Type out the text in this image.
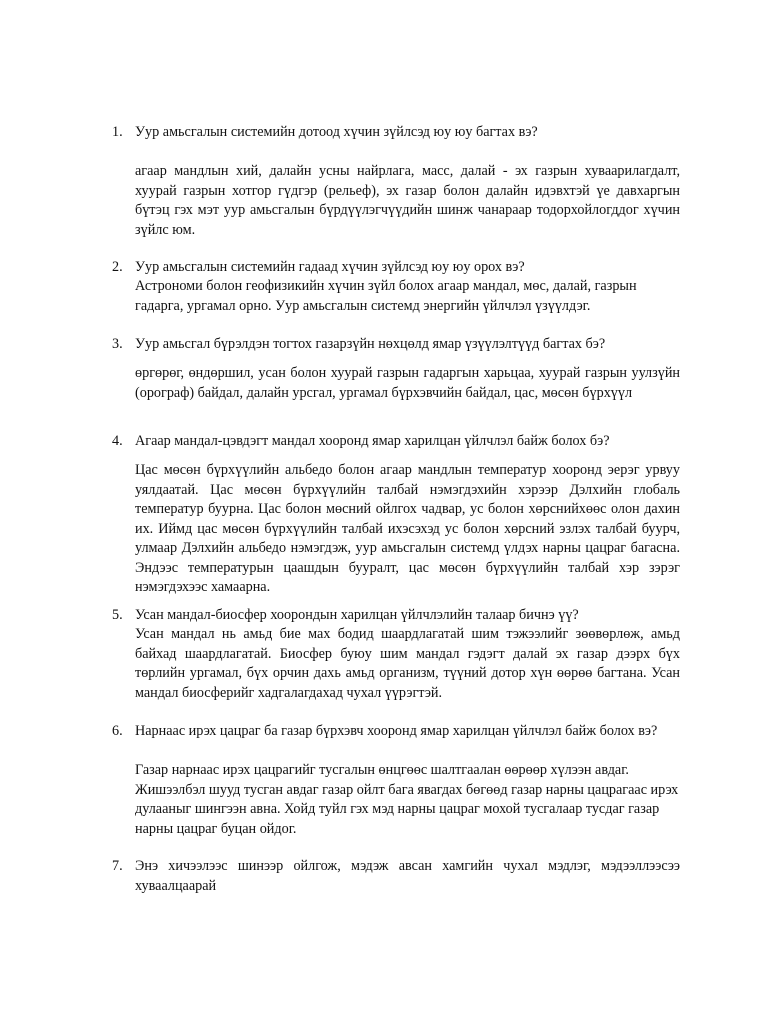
1. Уур амьсгалын системийн дотоод хүчин зүйлсэд юу юу багтах вэ?
агаар мандлын хий, далайн усны найрлага, масс, далай - эх газрын хуваарилагдалт, хуурай газрын хотгор гүдгэр (рельеф), эх газар болон далайн идэвхтэй үе давхаргын бүтэц гэх мэт уур амьсгалын бүрдүүлэгчүүдийн шинж чанараар тодорхойлогддог хүчин зүйлс юм.
2. Уур амьсгалын системийн гадаад хүчин зүйлсэд юу юу орох вэ?
Астрономи болон геофизикийн хүчин зүйл болох агаар мандал, мөс, далай, газрын гадарга, ургамал орно. Уур амьсгалын системд энергийн үйлчлэл үзүүлдэг.
3. Уур амьсгал бүрэлдэн тогтох газарзүйн нөхцөлд ямар үзүүлэлтүүд багтах бэ?
өргөрөг, өндөршил, усан болон хуурай газрын гадаргын харьцаа, хуурай газрын уулзүйн (орограф) байдал, далайн урсгал, ургамал бүрхэвчийн байдал, цас, мөсөн бүрхүүл
4. Агаар мандал-цэвдэгт мандал хооронд ямар харилцан үйлчлэл байж болох бэ?
Цас мөсөн бүрхүүлийн альбедо болон агаар мандлын температур хооронд эерэг урвуу уялдаатай. Цас мөсөн бүрхүүлийн талбай нэмэгдэхийн хэрээр Дэлхийн глобаль температур буурна. Цас болон мөсний ойлгох чадвар, ус болон хөрснийхөөс олон дахин их. Иймд цас мөсөн бүрхүүлийн талбай ихэсэхэд ус болон хөрсний эзлэх талбай буурч, улмаар Дэлхийн альбедо нэмэгдэж, уур амьсгалын системд үлдэх нарны цацраг багасна. Эндээс температурын цаашдын бууралт, цас мөсөн бүрхүүлийн талбай хэр зэрэг нэмэгдэхээс хамаарна.
5. Усан мандал-биосфер хоорондын харилцан үйлчлэлийн талаар бичнэ үү?
Усан мандал нь амьд бие мах бодид шаардлагатай шим тэжээлийг зөөвөрлөж, амьд байхад шаардлагатай. Биосфер буюу шим мандал гэдэгт далай эх газар дээрх бүх төрлийн ургамал, бүх орчин дахь амьд организм, түүний дотор хүн өөрөө багтана. Усан мандал биосферийг хадгалагдахад чухал үүрэгтэй.
6. Нарнаас ирэх цацраг ба газар бүрхэвч хооронд ямар харилцан үйлчлэл байж болох вэ?
Газар нарнаас ирэх цацрагийг тусгалын өнцгөөс шалтгаалан өөрөөр хүлээн авдаг. Жишээлбэл шууд тусган авдаг газар ойлт бага явагдах бөгөөд газар нарны цацрагаас ирэх дулааныг шингээн авна. Хойд туйл гэх мэд нарны цацраг мохой тусгалаар тусдаг газар нарны цацраг буцан ойдог.
7. Энэ хичээлээс шинээр ойлгож, мэдэж авсан хамгийн чухал мэдлэг, мэдээллээсээ хуваалцаарай
